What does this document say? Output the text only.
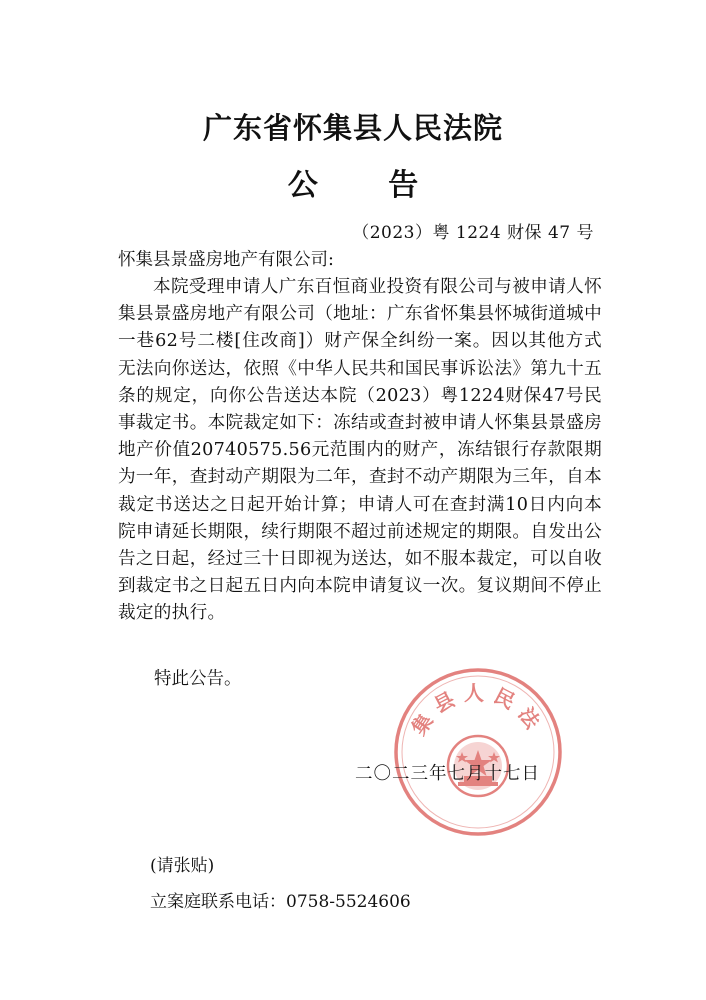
广东省怀集县人民法院
公 告
（2023）粤 1224 财保 47 号
怀集县景盛房地产有限公司:

本院受理申请人广东百恒商业投资有限公司与被申请人怀集县景盛房地产有限公司（地址：广东省怀集县怀城街道城中一巷62号二楼[住改商]）财产保全纠纷一案。因以其他方式无法向你送达，依照《中华人民共和国民事诉讼法》第九十五条的规定，向你公告送达本院（2023）粤1224财保47号民事裁定书。本院裁定如下：冻结或查封被申请人怀集县景盛房地产价值20740575.56元范围内的财产，冻结银行存款限期为一年，查封动产期限为二年，查封不动产期限为三年，自本裁定书送达之日起开始计算；申请人可在查封满10日内向本院申请延长期限，续行期限不超过前述规定的期限。自发出公告之日起，经过三十日即视为送达，如不服本裁定，可以自收到裁定书之日起五日内向本院申请复议一次。复议期间不停止裁定的执行。

特此公告。
集县人民法
二〇二三年七月十七日
(请张贴)
立案庭联系电话：0758-5524606
